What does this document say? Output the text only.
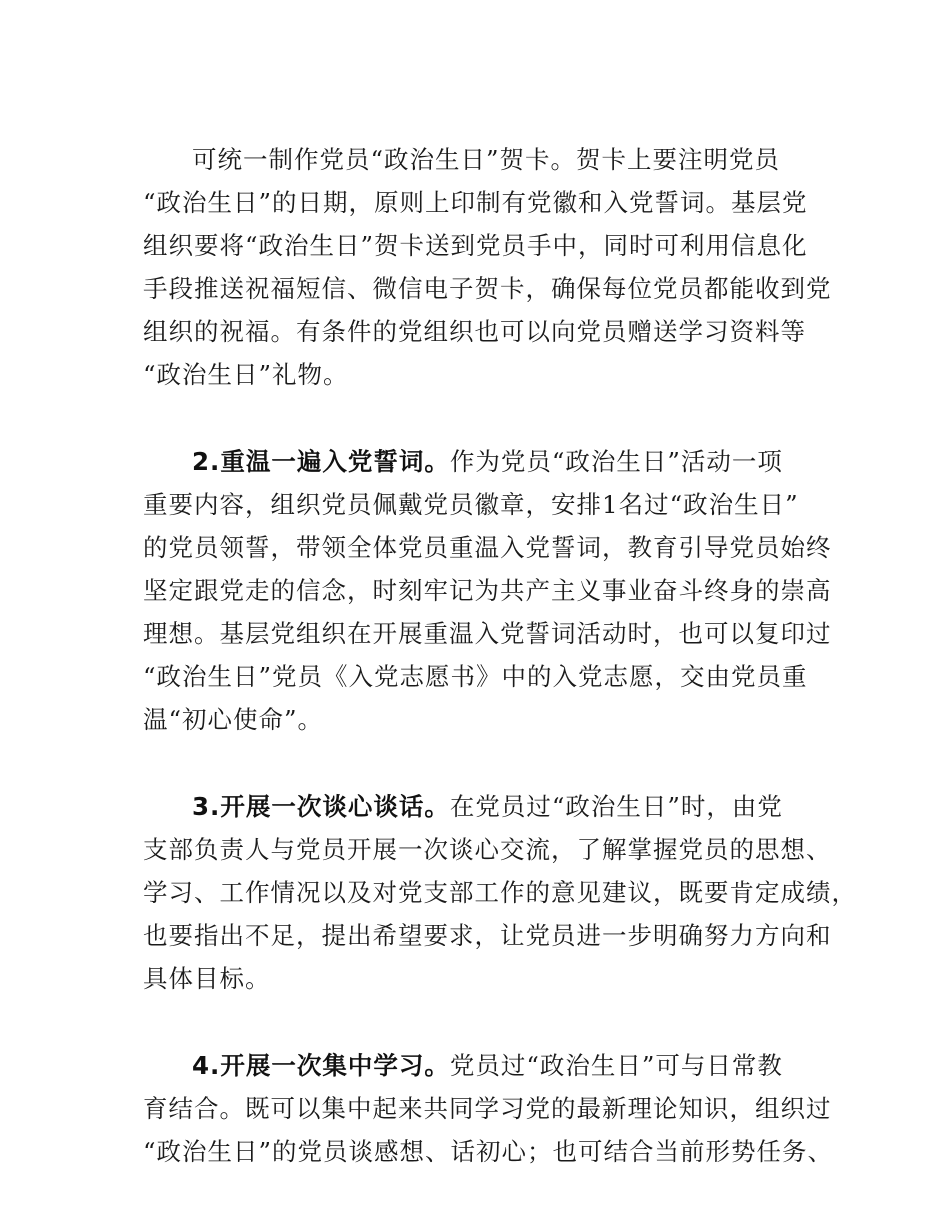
可统一制作党员“政治生日”贺卡。贺卡上要注明党员
“政治生日”的日期，原则上印制有党徽和入党誓词。基层党
组织要将“政治生日”贺卡送到党员手中，同时可利用信息化
手段推送祝福短信、微信电子贺卡，确保每位党员都能收到党
组织的祝福。有条件的党组织也可以向党员赠送学习资料等
“政治生日”礼物。
2.重温一遍入党誓词。作为党员“政治生日”活动一项
重要内容，组织党员佩戴党员徽章，安排1名过“政治生日”
的党员领誓，带领全体党员重温入党誓词，教育引导党员始终
坚定跟党走的信念，时刻牢记为共产主义事业奋斗终身的崇高
理想。基层党组织在开展重温入党誓词活动时，也可以复印过
“政治生日”党员《入党志愿书》中的入党志愿，交由党员重
温“初心使命”。
3.开展一次谈心谈话。在党员过“政治生日”时，由党
支部负责人与党员开展一次谈心交流，了解掌握党员的思想、
学习、工作情况以及对党支部工作的意见建议，既要肯定成绩，
也要指出不足，提出希望要求，让党员进一步明确努力方向和
具体目标。
4.开展一次集中学习。党员过“政治生日”可与日常教
育结合。既可以集中起来共同学习党的最新理论知识，组织过
“政治生日”的党员谈感想、话初心；也可结合当前形势任务、
